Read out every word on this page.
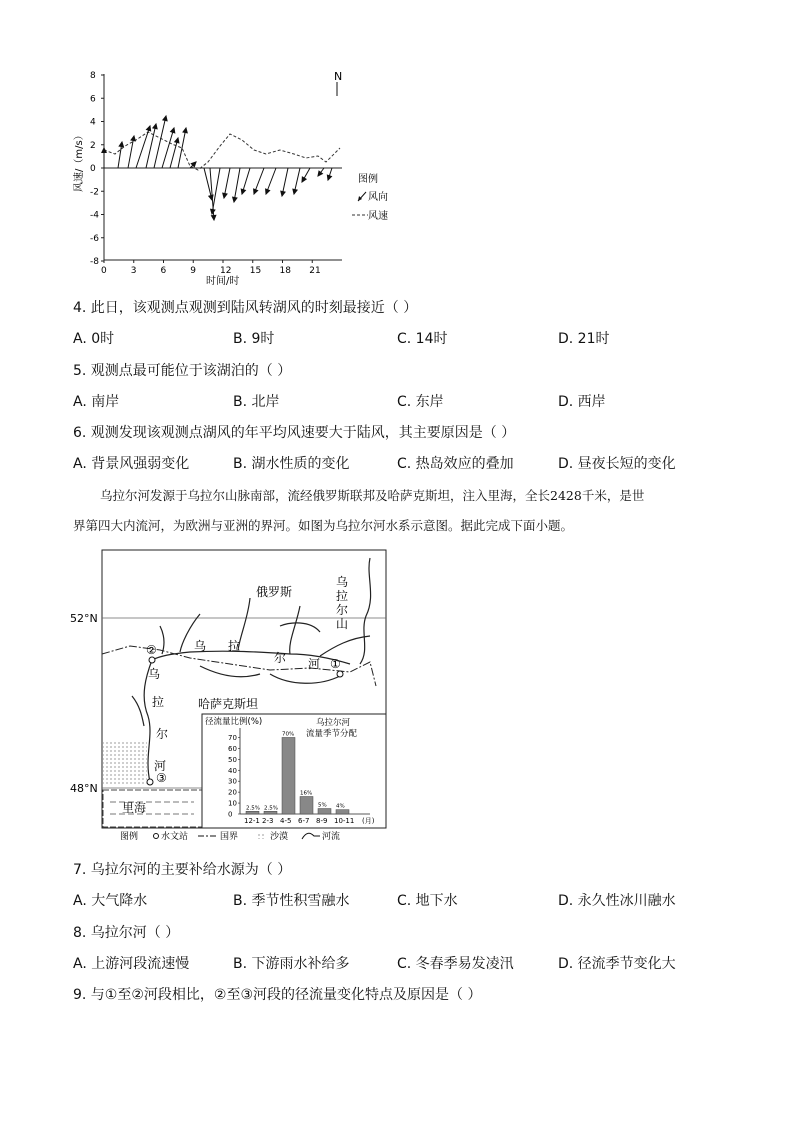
8
6
4
2
0
-2
-4
-6
-8
0	3	6	9	12 15 18 21
风速/（m/s）
时间/时
N
图例
风向
风速
4. 此日，该观测点观测到陆风转湖风的时刻最接近（ ）
A. 0时	B. 9时	C. 14时	D. 21时
5. 观测点最可能位于该湖泊的（ ）
A. 南岸	B. 北岸	C. 东岸	D. 西岸
6. 观测发现该观测点湖风的年平均风速要大于陆风，其主要原因是（ ）
A. 背景风强弱变化	B. 湖水性质的变化	C. 热岛效应的叠加	D. 昼夜长短的变化
乌拉尔河发源于乌拉尔山脉南部，流经俄罗斯联邦及哈萨克斯坦，注入里海，全长2428千米，是世
界第四大内流河，为欧洲与亚洲的界河。如图为乌拉尔河水系示意图。据此完成下面小题。
52°N
48°N
里海
①
②
③
俄罗斯
哈萨克斯坦
乌
拉
尔
山
乌 拉
尔 河
乌
拉
尔
河
径流量比例(%)	乌拉尔河 流量季节分配
70
60
50
40
30
20
10
0
2.5%
12-1
2.5%
2-3
70%
4-5
16%
6-7
5%
8-9
4%
10-11 (月)
图例	水文站	国界	沙漠	河流
7. 乌拉尔河的主要补给水源为（ ）
A. 大气降水	B. 季节性积雪融水	C. 地下水	D. 永久性冰川融水
8. 乌拉尔河（ ）
A. 上游河段流速慢	B. 下游雨水补给多	C. 冬春季易发凌汛	D. 径流季节变化大
9. 与①至②河段相比，②至③河段的径流量变化特点及原因是（ ）
